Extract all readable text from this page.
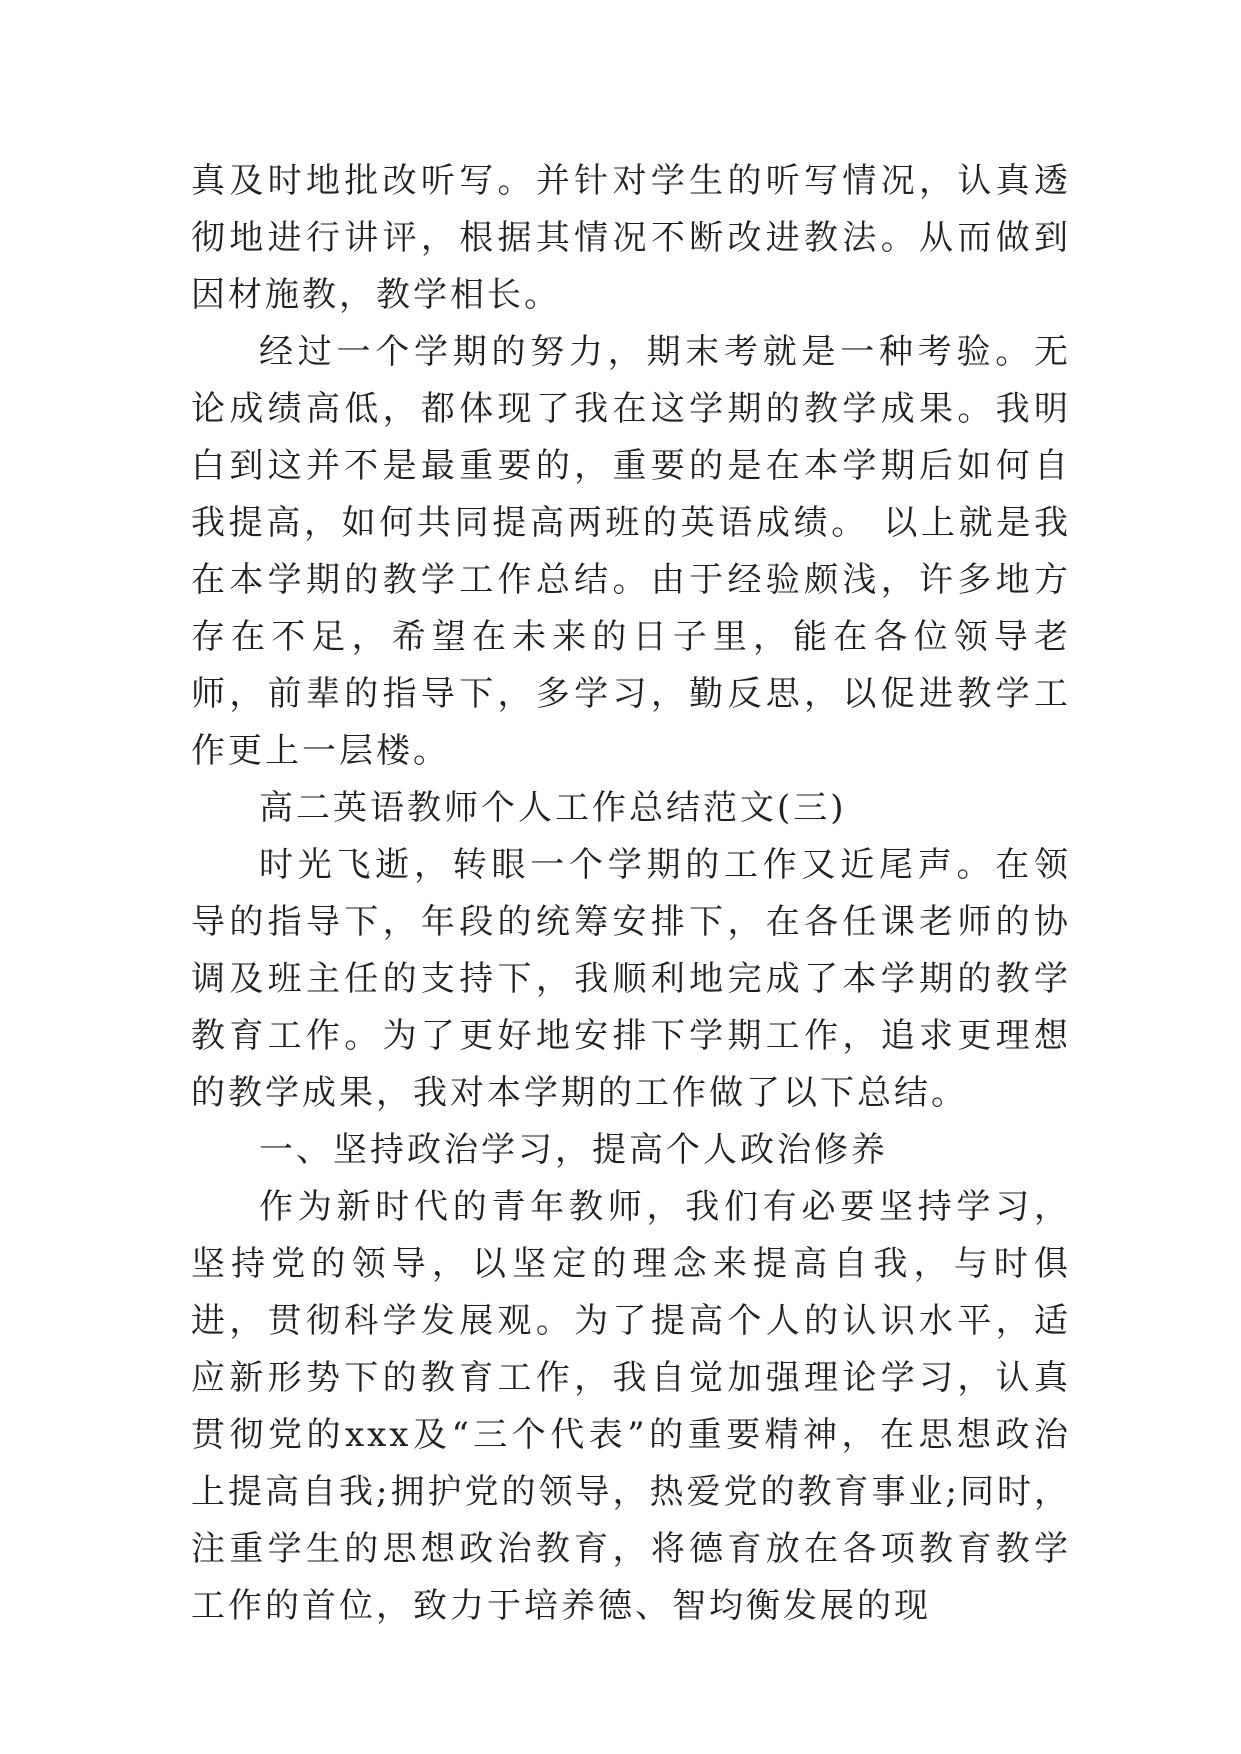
真及时地批改听写。并针对学生的听写情况，认真透彻地进行讲评，根据其情况不断改进教法。从而做到因材施教，教学相长。

经过一个学期的努力，期末考就是一种考验。无论成绩高低，都体现了我在这学期的教学成果。我明白到这并不是最重要的，重要的是在本学期后如何自我提高，如何共同提高两班的英语成绩。 以上就是我在本学期的教学工作总结。由于经验颇浅，许多地方存在不足，希望在未来的日子里，能在各位领导老师，前辈的指导下，多学习，勤反思，以促进教学工作更上一层楼。

高二英语教师个人工作总结范文(三)

时光飞逝，转眼一个学期的工作又近尾声。在领导的指导下，年段的统筹安排下，在各任课老师的协调及班主任的支持下，我顺利地完成了本学期的教学教育工作。为了更好地安排下学期工作，追求更理想的教学成果，我对本学期的工作做了以下总结。

一、坚持政治学习，提高个人政治修养

作为新时代的青年教师，我们有必要坚持学习，坚持党的领导，以坚定的理念来提高自我，与时俱进，贯彻科学发展观。为了提高个人的认识水平，适应新形势下的教育工作，我自觉加强理论学习，认真贯彻党的xxx及“三个代表”的重要精神，在思想政治上提高自我;拥护党的领导，热爱党的教育事业;同时，注重学生的思想政治教育，将德育放在各项教育教学工作的首位，致力于培养德、智均衡发展的现
